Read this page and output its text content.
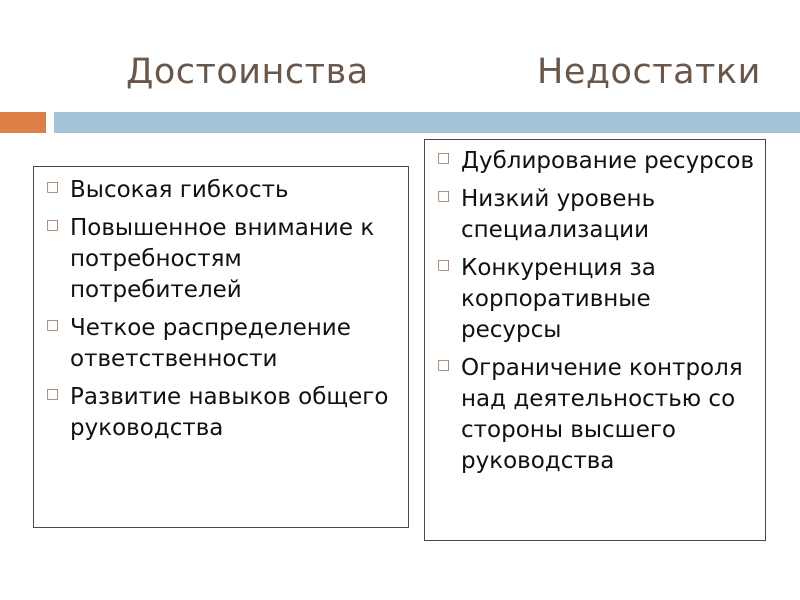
Достоинства	Недостатки
□ Высокая гибкость
□ Повышенное внимание к потребностям потребителей
□ Четкое распределение ответственности
□ Развитие навыков общего руководства
□ Дублирование ресурсов
□ Низкий уровень специализации
□ Конкуренция за корпоративные ресурсы
□ Ограничение контроля над деятельностью со стороны высшего руководства
